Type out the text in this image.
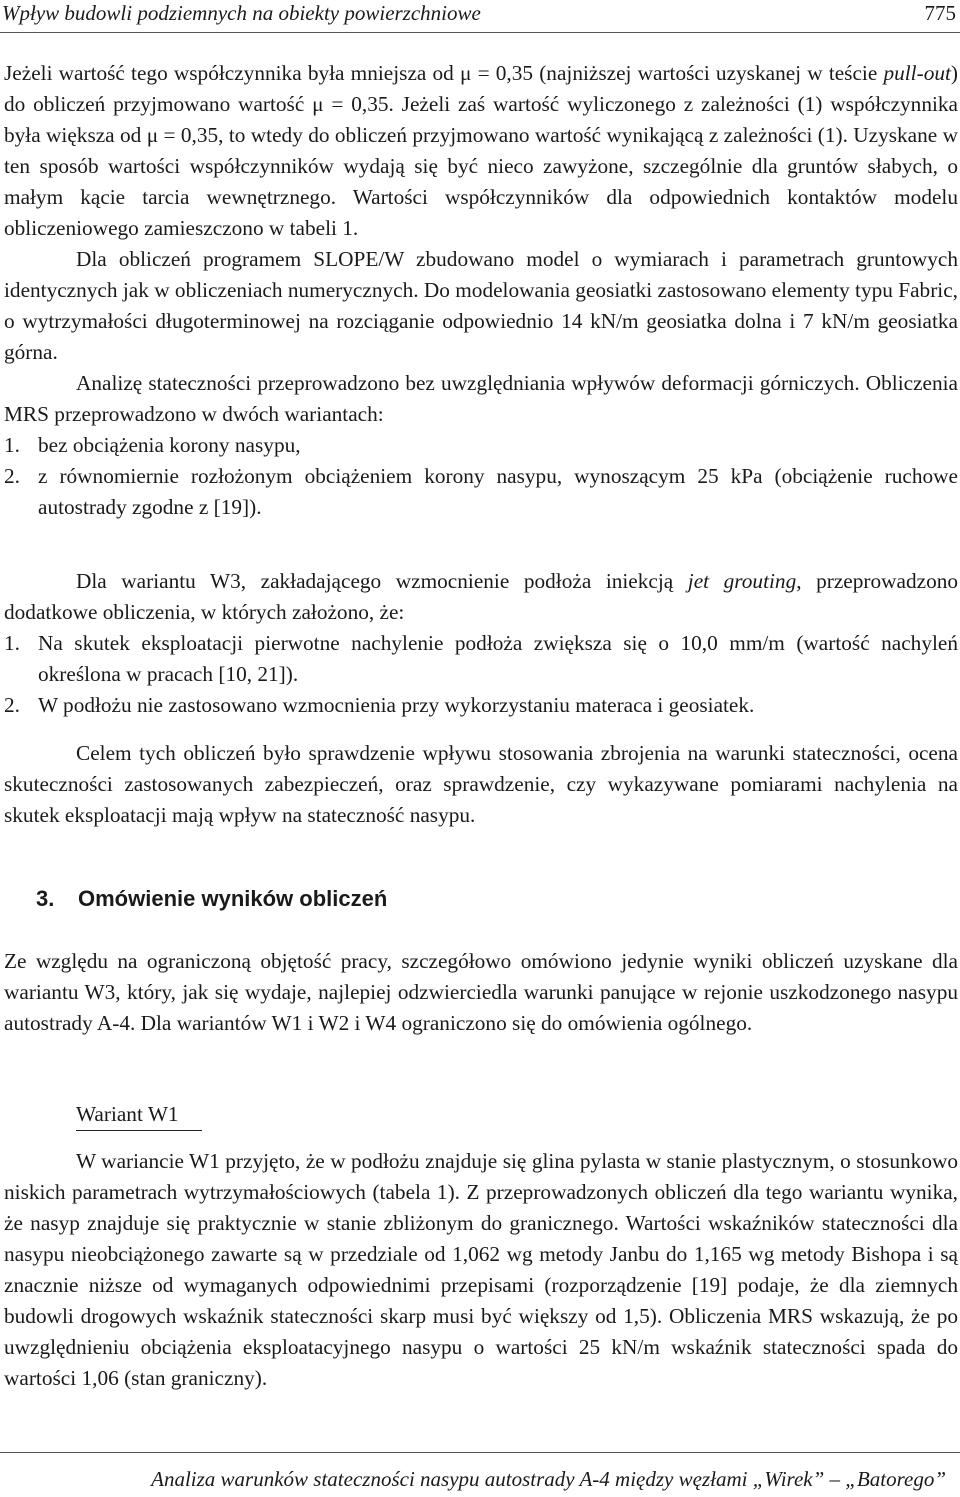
Wpływ budowli podziemnych na obiekty powierzchniowe	775

Jeżeli wartość tego współczynnika była mniejsza od μ = 0,35 (najniższej wartości uzyskanej w teście pull-out) do obliczeń przyjmowano wartość μ = 0,35. Jeżeli zaś wartość wyliczonego z zależności (1) współczynnika była większa od μ = 0,35, to wtedy do obliczeń przyjmowano wartość wynikającą z zależności (1). Uzyskane w ten sposób wartości współczynników wydają się być nieco zawyżone, szczególnie dla gruntów słabych, o małym kącie tarcia wewnętrznego. Wartości współczynników dla odpowiednich kontaktów modelu obliczeniowego zamieszczono w tabeli 1.

Dla obliczeń programem SLOPE/W zbudowano model o wymiarach i parametrach gruntowych identycznych jak w obliczeniach numerycznych. Do modelowania geosiatki zastosowano elementy typu Fabric, o wytrzymałości długoterminowej na rozciąganie odpowiednio 14 kN/m geosiatka dolna i 7 kN/m geosiatka górna.

Analizę stateczności przeprowadzono bez uwzględniania wpływów deformacji górniczych. Obliczenia MRS przeprowadzono w dwóch wariantach:

1. bez obciążenia korony nasypu,
2. z równomiernie rozłożonym obciążeniem korony nasypu, wynoszącym 25 kPa (obciążenie ruchowe autostrady zgodne z [19]).

Dla wariantu W3, zakładającego wzmocnienie podłoża iniekcją jet grouting, przeprowadzono dodatkowe obliczenia, w których założono, że:

1. Na skutek eksploatacji pierwotne nachylenie podłoża zwiększa się o 10,0 mm/m (wartość nachyleń określona w pracach [10, 21]).
2. W podłożu nie zastosowano wzmocnienia przy wykorzystaniu materaca i geosiatek.

Celem tych obliczeń było sprawdzenie wpływu stosowania zbrojenia na warunki stateczności, ocena skuteczności zastosowanych zabezpieczeń, oraz sprawdzenie, czy wykazywane pomiarami nachylenia na skutek eksploatacji mają wpływ na stateczność nasypu.

3. Omówienie wyników obliczeń

Ze względu na ograniczoną objętość pracy, szczegółowo omówiono jedynie wyniki obliczeń uzyskane dla wariantu W3, który, jak się wydaje, najlepiej odzwierciedla warunki panujące w rejonie uszkodzonego nasypu autostrady A-4. Dla wariantów W1 i W2 i W4 ograniczono się do omówienia ogólnego.

Wariant W1

W wariancie W1 przyjęto, że w podłożu znajduje się glina pylasta w stanie plastycznym, o stosunkowo niskich parametrach wytrzymałościowych (tabela 1). Z przeprowadzonych obliczeń dla tego wariantu wynika, że nasyp znajduje się praktycznie w stanie zbliżonym do granicznego. Wartości wskaźników stateczności dla nasypu nieobciążonego zawarte są w przedziale od 1,062 wg metody Janbu do 1,165 wg metody Bishopa i są znacznie niższe od wymaganych odpowiednimi przepisami (rozporządzenie [19] podaje, że dla ziemnych budowli drogowych wskaźnik stateczności skarp musi być większy od 1,5). Obliczenia MRS wskazują, że po uwzględnieniu obciążenia eksploatacyjnego nasypu o wartości 25 kN/m wskaźnik stateczności spada do wartości 1,06 (stan graniczny).

Analiza warunków stateczności nasypu autostrady A-4 między węzłami „Wirek” – „Batorego”
